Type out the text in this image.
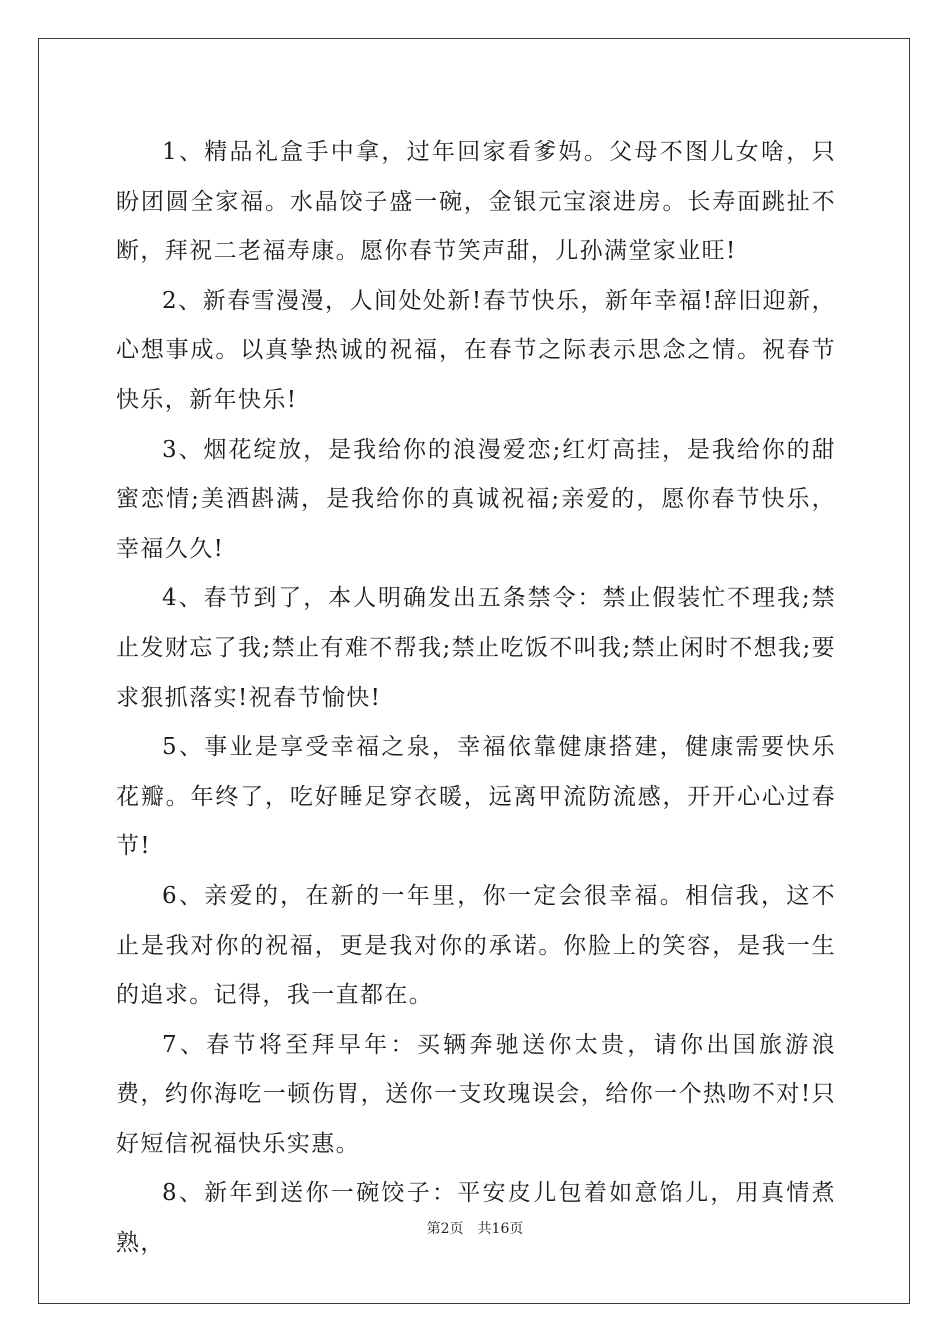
1、精品礼盒手中拿，过年回家看爹妈。父母不图儿女啥，只盼团圆全家福。水晶饺子盛一碗，金银元宝滚进房。长寿面跳扯不断，拜祝二老福寿康。愿你春节笑声甜，儿孙满堂家业旺!

2、新春雪漫漫，人间处处新!春节快乐，新年幸福!辞旧迎新，心想事成。以真挚热诚的祝福，在春节之际表示思念之情。祝春节快乐，新年快乐!

3、烟花绽放，是我给你的浪漫爱恋;红灯高挂，是我给你的甜蜜恋情;美酒斟满，是我给你的真诚祝福;亲爱的，愿你春节快乐，幸福久久!

4、春节到了，本人明确发出五条禁令：禁止假装忙不理我;禁止发财忘了我;禁止有难不帮我;禁止吃饭不叫我;禁止闲时不想我;要求狠抓落实!祝春节愉快!

5、事业是享受幸福之泉，幸福依靠健康搭建，健康需要快乐花瓣。年终了，吃好睡足穿衣暖，远离甲流防流感，开开心心过春节!

6、亲爱的，在新的一年里，你一定会很幸福。相信我，这不止是我对你的祝福，更是我对你的承诺。你脸上的笑容，是我一生的追求。记得，我一直都在。

7、春节将至拜早年：买辆奔驰送你太贵，请你出国旅游浪费，约你海吃一顿伤胃，送你一支玫瑰误会，给你一个热吻不对!只好短信祝福快乐实惠。

8、新年到送你一碗饺子：平安皮儿包着如意馅儿，用真情煮熟，

第2页 共16页
